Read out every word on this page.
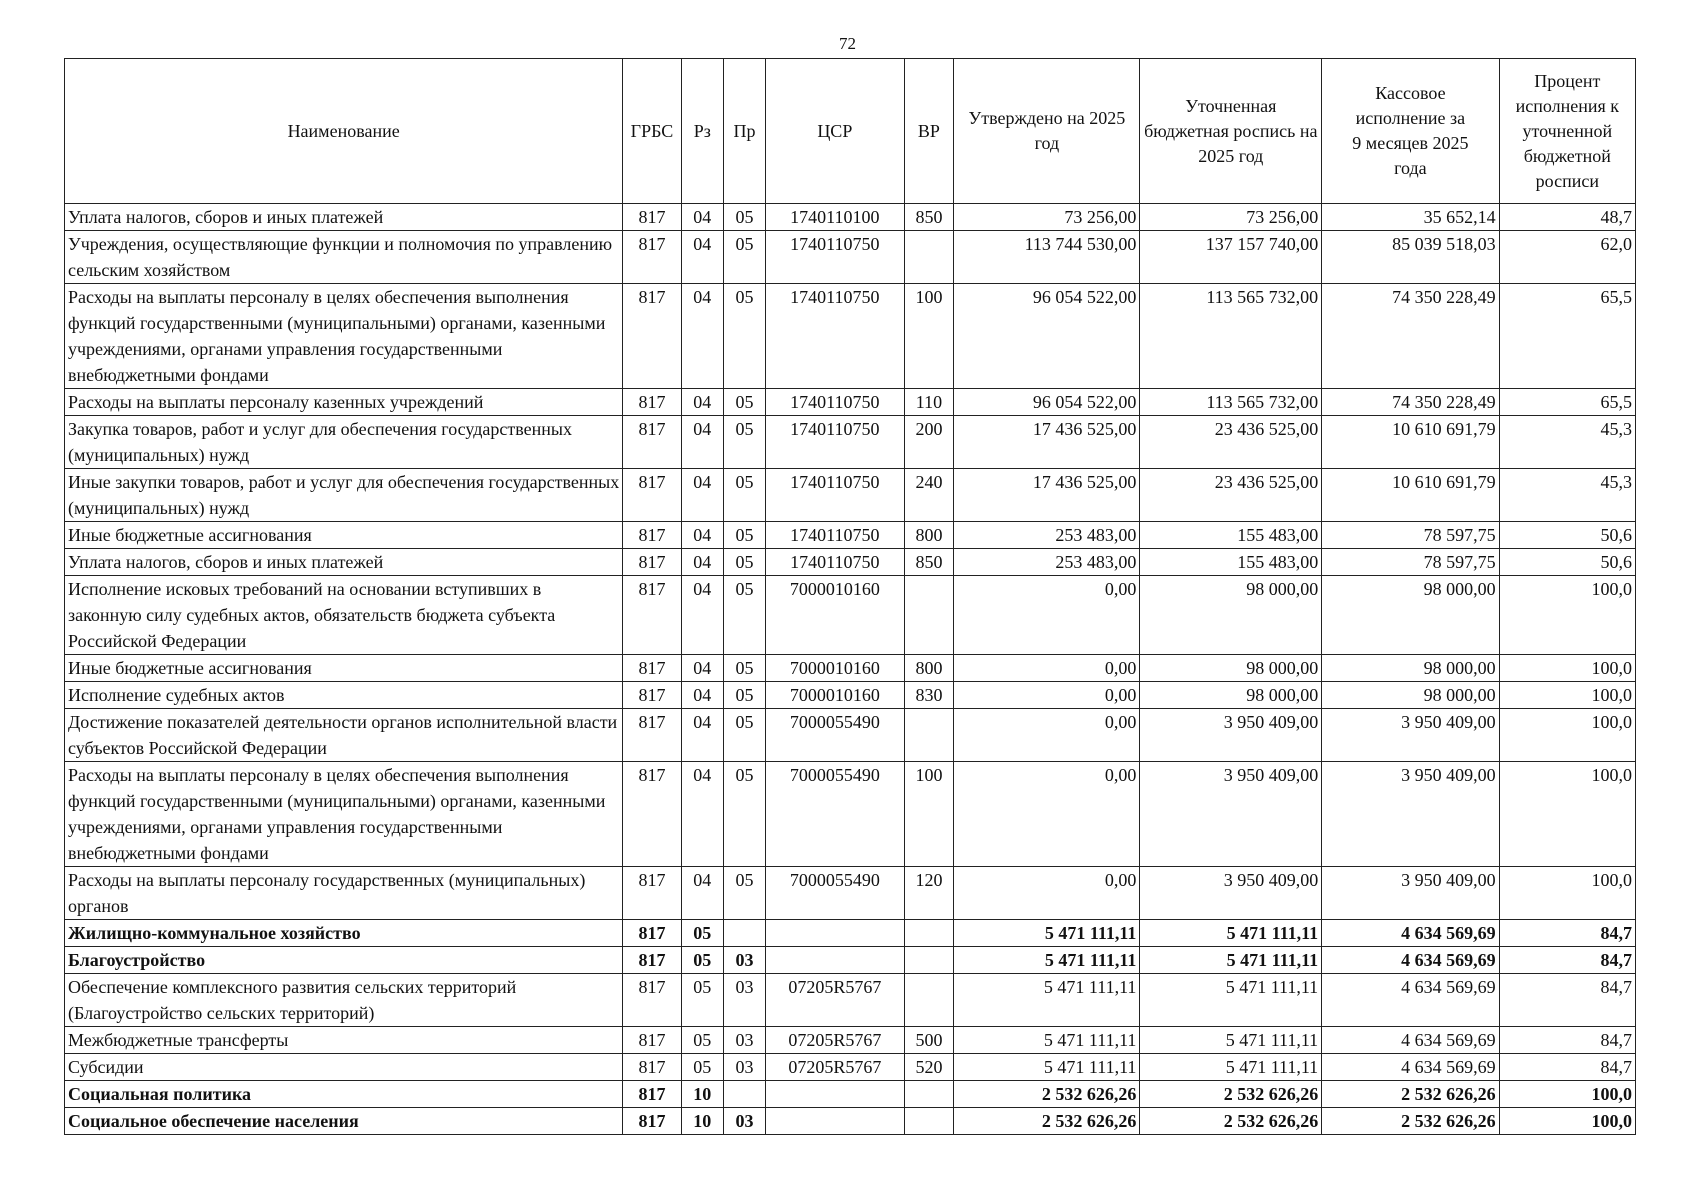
72
Наименование	ГРБС	Рз	Пр	ЦСР	ВР	Утверждено на 2025 год	Уточненная бюджетная роспись на 2025 год	Кассовое исполнение за 9 месяцев 2025 года	Процент исполнения к уточненной бюджетной росписи
Уплата налогов, сборов и иных платежей	817	04	05	1740110100	850	73 256,00	73 256,00	35 652,14	48,7
Учреждения, осуществляющие функции и полномочия по управлению сельским хозяйством	817	04	05	1740110750		113 744 530,00	137 157 740,00	85 039 518,03	62,0
Расходы на выплаты персоналу в целях обеспечения выполнения функций государственными (муниципальными) органами, казенными учреждениями, органами управления государственными внебюджетными фондами	817	04	05	1740110750	100	96 054 522,00	113 565 732,00	74 350 228,49	65,5
Расходы на выплаты персоналу казенных учреждений	817	04	05	1740110750	110	96 054 522,00	113 565 732,00	74 350 228,49	65,5
Закупка товаров, работ и услуг для обеспечения государственных (муниципальных) нужд	817	04	05	1740110750	200	17 436 525,00	23 436 525,00	10 610 691,79	45,3
Иные закупки товаров, работ и услуг для обеспечения государственных (муниципальных) нужд	817	04	05	1740110750	240	17 436 525,00	23 436 525,00	10 610 691,79	45,3
Иные бюджетные ассигнования	817	04	05	1740110750	800	253 483,00	155 483,00	78 597,75	50,6
Уплата налогов, сборов и иных платежей	817	04	05	1740110750	850	253 483,00	155 483,00	78 597,75	50,6
Исполнение исковых требований на основании вступивших в законную силу судебных актов, обязательств бюджета субъекта Российской Федерации	817	04	05	7000010160		0,00	98 000,00	98 000,00	100,0
Иные бюджетные ассигнования	817	04	05	7000010160	800	0,00	98 000,00	98 000,00	100,0
Исполнение судебных актов	817	04	05	7000010160	830	0,00	98 000,00	98 000,00	100,0
Достижение показателей деятельности органов исполнительной власти субъектов Российской Федерации	817	04	05	7000055490		0,00	3 950 409,00	3 950 409,00	100,0
Расходы на выплаты персоналу в целях обеспечения выполнения функций государственными (муниципальными) органами, казенными учреждениями, органами управления государственными внебюджетными фондами	817	04	05	7000055490	100	0,00	3 950 409,00	3 950 409,00	100,0
Расходы на выплаты персоналу государственных (муниципальных) органов	817	04	05	7000055490	120	0,00	3 950 409,00	3 950 409,00	100,0
Жилищно-коммунальное хозяйство	817	05				5 471 111,11	5 471 111,11	4 634 569,69	84,7
Благоустройство	817	05	03			5 471 111,11	5 471 111,11	4 634 569,69	84,7
Обеспечение комплексного развития сельских территорий (Благоустройство сельских территорий)	817	05	03	07205R5767		5 471 111,11	5 471 111,11	4 634 569,69	84,7
Межбюджетные трансферты	817	05	03	07205R5767	500	5 471 111,11	5 471 111,11	4 634 569,69	84,7
Субсидии	817	05	03	07205R5767	520	5 471 111,11	5 471 111,11	4 634 569,69	84,7
Социальная политика	817	10				2 532 626,26	2 532 626,26	2 532 626,26	100,0
Социальное обеспечение населения	817	10	03			2 532 626,26	2 532 626,26	2 532 626,26	100,0
